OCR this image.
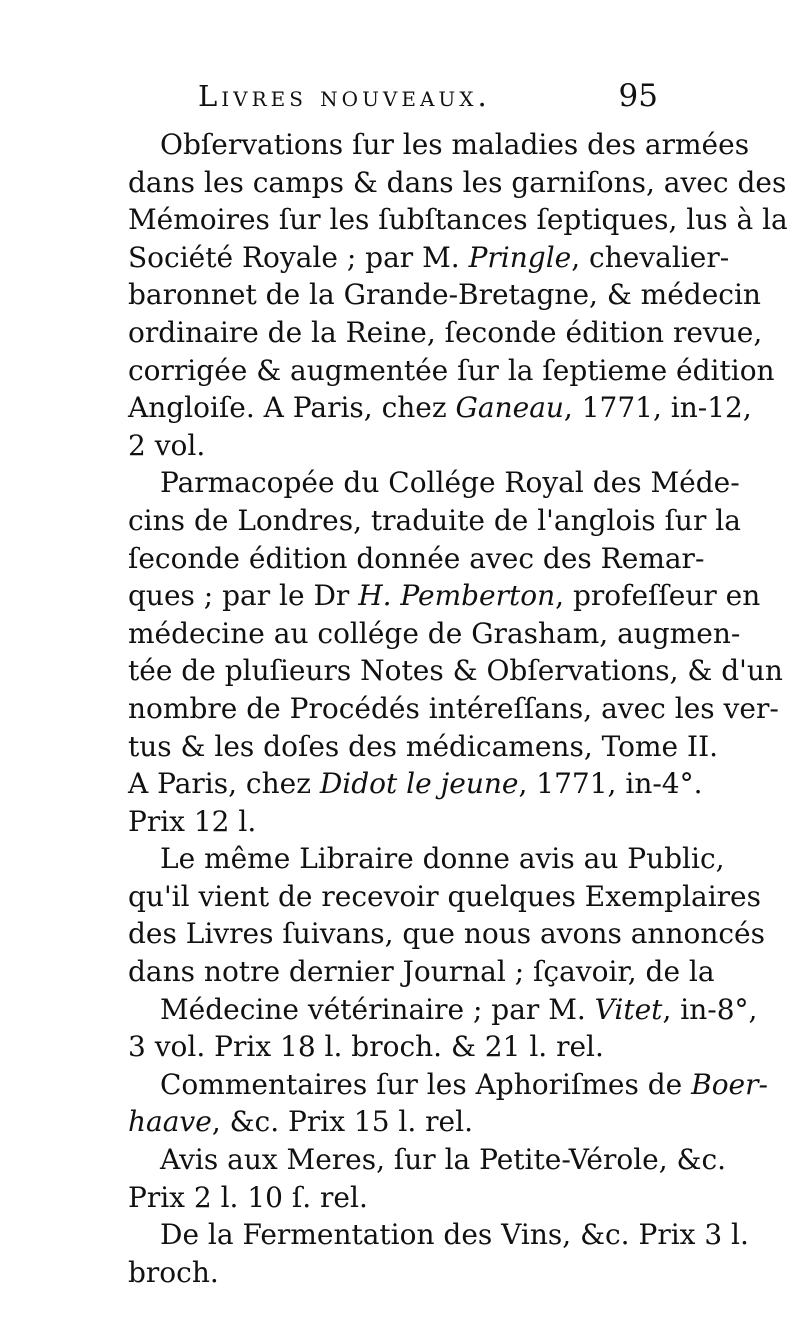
Livres nouveaux.	95
Obſervations ſur les maladies des armées
dans les camps & dans les garniſons, avec des
Mémoires ſur les ſubſtances ſeptiques, lus à la
Société Royale ; par M. Pringle, chevalier-
baronnet de la Grande-Bretagne, & médecin
ordinaire de la Reine, ſeconde édition revue,
corrigée & augmentée ſur la ſeptieme édition
Angloiſe. A Paris, chez Ganeau, 1771, in-12,
2 vol.
Parmacopée du Collége Royal des Méde-
cins de Londres, traduite de l'anglois ſur la
ſeconde édition donnée avec des Remar-
ques ; par le Dr H. Pemberton, profeſſeur en
médecine au collége de Grasham, augmen-
tée de pluſieurs Notes & Obſervations, & d'un
nombre de Procédés intéreſſans, avec les ver-
tus & les doſes des médicamens, Tome II.
A Paris, chez Didot le jeune, 1771, in-4°.
Prix 12 l.
Le même Libraire donne avis au Public,
qu'il vient de recevoir quelques Exemplaires
des Livres ſuivans, que nous avons annoncés
dans notre dernier Journal ; ſçavoir, de la
Médecine vétérinaire ; par M. Vitet, in-8°,
3 vol. Prix 18 l. broch. & 21 l. rel.
Commentaires ſur les Aphoriſmes de Boer-
haave, &c. Prix 15 l. rel.
Avis aux Meres, ſur la Petite-Vérole, &c.
Prix 2 l. 10 ſ. rel.
De la Fermentation des Vins, &c. Prix 3 l.
broch.
